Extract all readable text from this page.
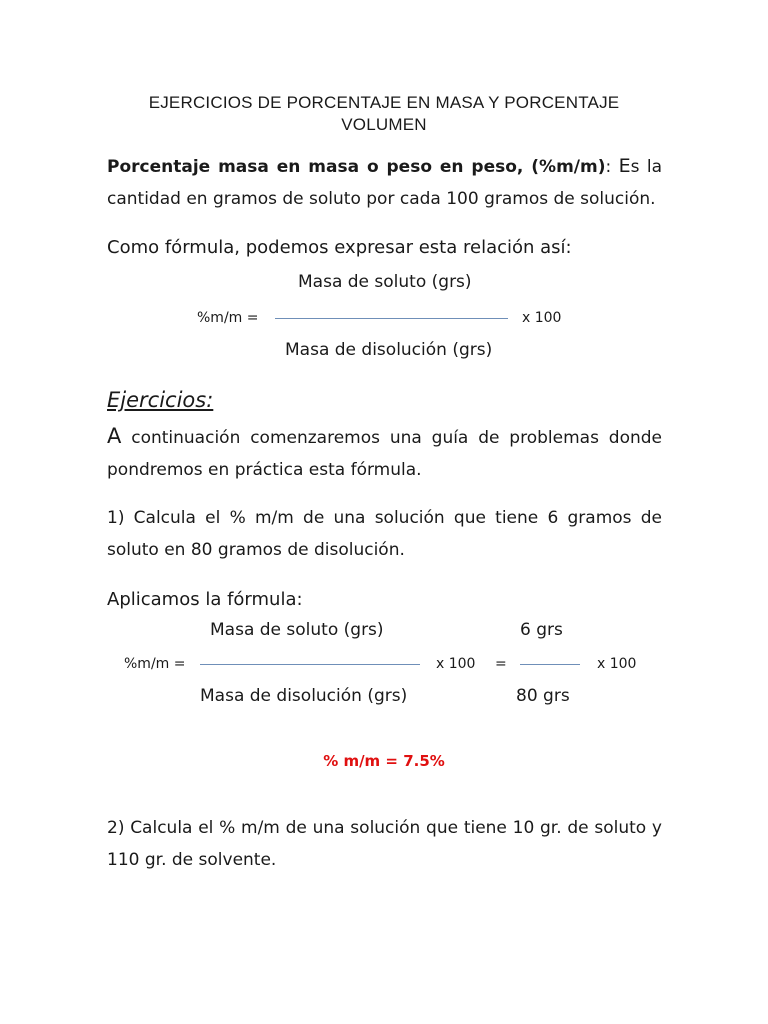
EJERCICIOS DE PORCENTAJE EN MASA Y PORCENTAJE
VOLUMEN
Porcentaje masa en masa o peso en peso, (%m/m): Es la cantidad en gramos de soluto por cada 100 gramos de solución.
Como fórmula, podemos expresar esta relación así:
Masa de soluto (grs)
%m/m =	x 100
Masa de disolución (grs)
Ejercicios:
A continuación comenzaremos una guía de problemas donde pondremos en práctica esta fórmula.
1) Calcula el % m/m de una solución que tiene 6 gramos de soluto en 80 gramos de disolución.
Aplicamos la fórmula:
Masa de soluto (grs)	6 grs
%m/m =	x 100 =	x 100
Masa de disolución (grs)	80 grs
% m/m = 7.5%
2) Calcula el % m/m de una solución que tiene 10 gr. de soluto y 110 gr. de solvente.
